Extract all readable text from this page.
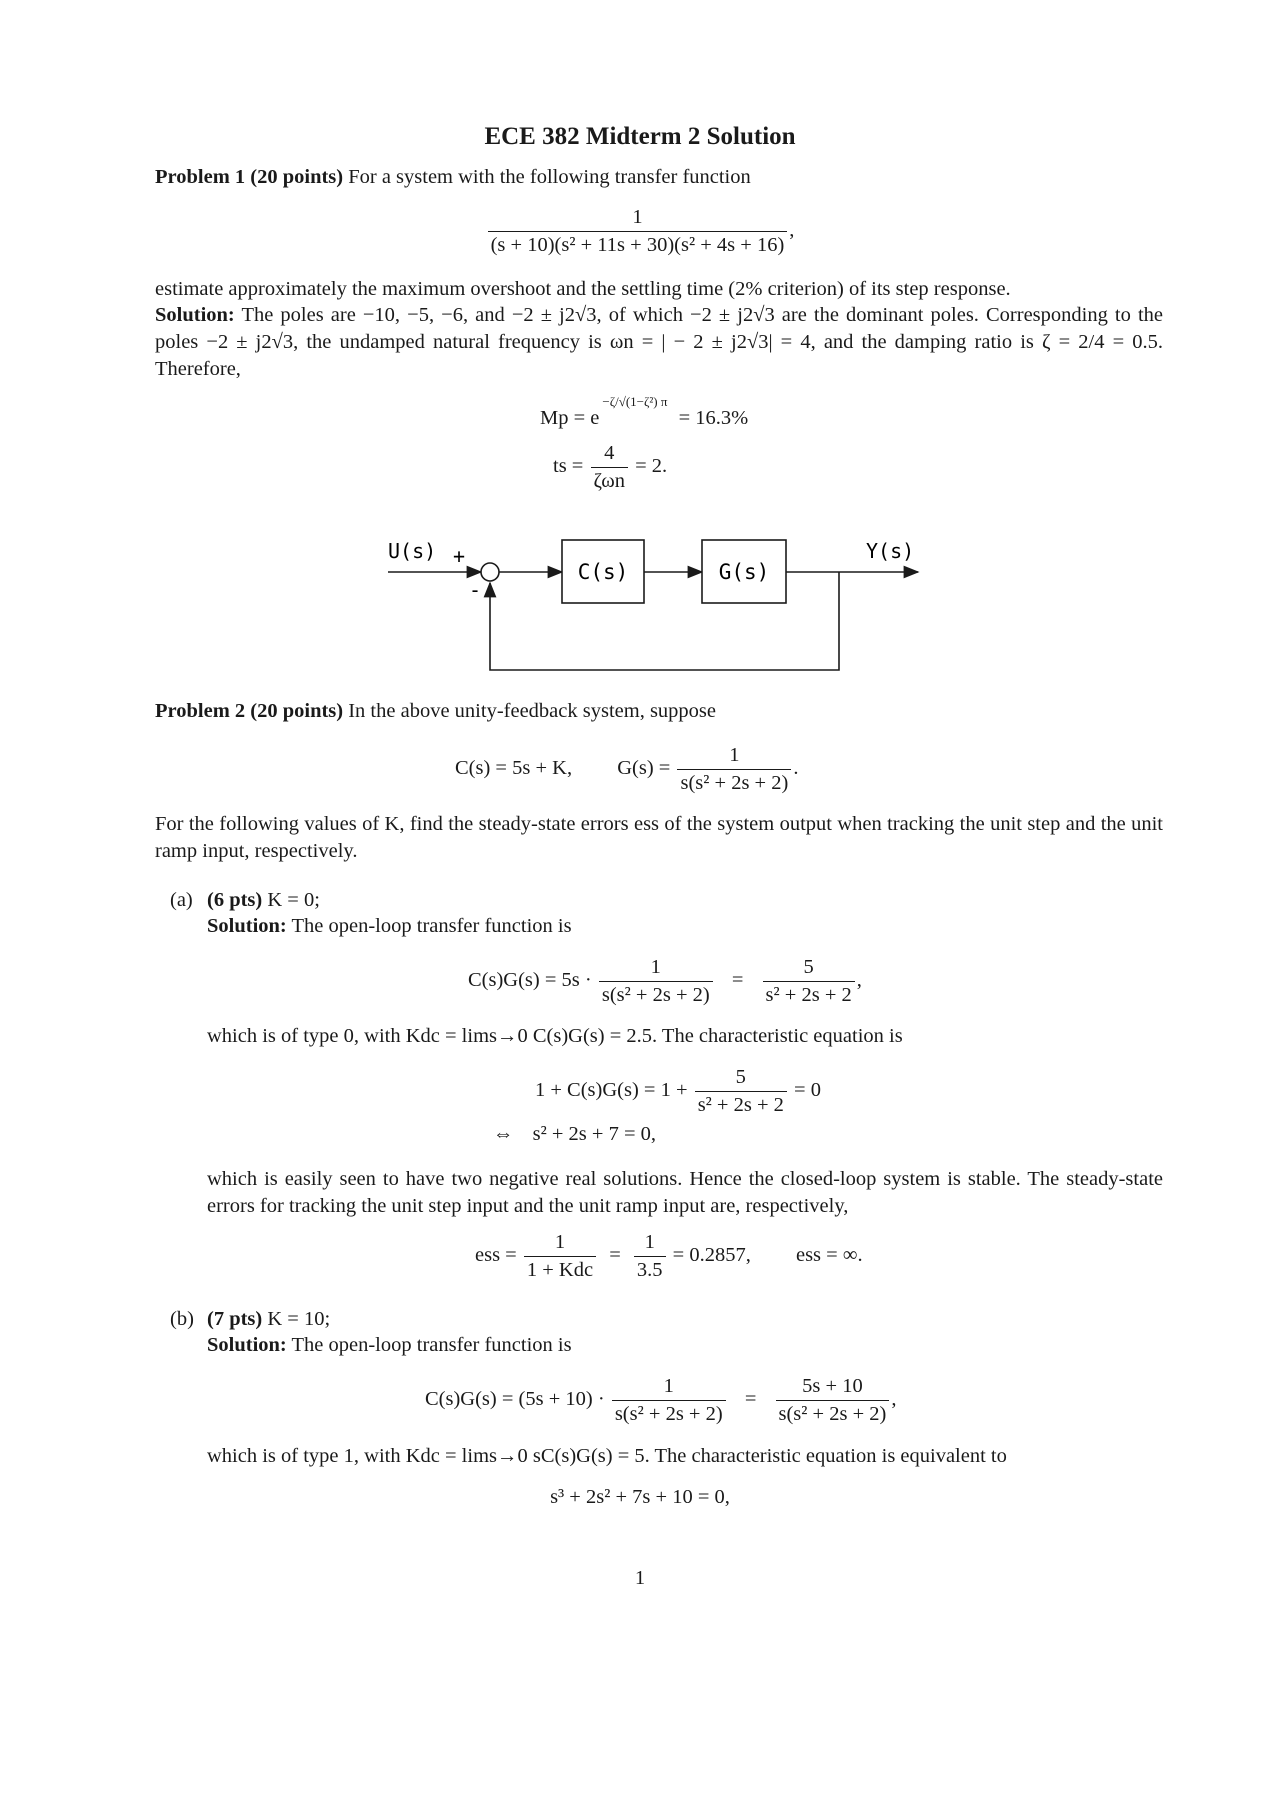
ECE 382 Midterm 2 Solution
Problem 1 (20 points) For a system with the following transfer function
$\frac{1}{\text{(s + 10)(s² + 11s + 30)(s² + 4s + 16)}}$ ,
estimate approximately the maximum overshoot and the settling time (2% criterion) of its step response.
Solution: The poles are −10, −5, −6, and −2 ± j2√3, of which −2 ± j2√3 are the dominant poles. Corresponding to the poles −2 ± j2√3, the undamped natural frequency is ωn = | − 2 ± j2√3| = 4, and the damping ratio is ζ = 2/4 = 0.5. Therefore,
$Mp = e^{-\zeta/√(1-\zeta^2) \pi} = 16.3\%$
ts = $\frac{4}{\text{ζωn}} = 2$.
U(s) +
-
C(s)	G(s)
Y(s)
Problem 2 (20 points) In the above unity-feedback system, suppose
C(s) = 5s + K, $G(s) = \frac{1}{\text{s(s² + 2s + 2)}}$ .
For the following values of K, find the steady-state errors ess of the system output when tracking the unit step and the unit ramp input, respectively.
(a) (6 pts) K = 0;
Solution: The open-loop transfer function is
$C(s)G(s) = 5s \cdot \frac{1}{\text{s(s² + 2s + 2)}} = \frac{5}{\text{s² + 2s + 2}}$ ,
which is of type 0, with Kdc = lims→0 C(s)G(s) = 2.5. The characteristic equation is
$1 + C(s)G(s) = 1 + \frac{5}{\text{s² + 2s + 2}} = 0$
⇔ s² + 2s + 7 = 0,
which is easily seen to have two negative real solutions. Hence the closed-loop system is stable. The steady-state errors for tracking the unit step input and the unit ramp input are, respectively,
ess = $\frac{1}{\text{1 + Kdc}} = \frac{1}{3.5} = 0.2857$, ess = ∞.
(b) (7 pts) K = 10;
Solution: The open-loop transfer function is
$C(s)G(s) = (5s + 10) \cdot \frac{1}{\text{s(s² + 2s + 2)}} = \frac{5s + 10}{\text{s(s² + 2s + 2)}}$ ,
which is of type 1, with Kdc = lims→0 sC(s)G(s) = 5. The characteristic equation is equivalent to
s³ + 2s² + 7s + 10 = 0,
1
